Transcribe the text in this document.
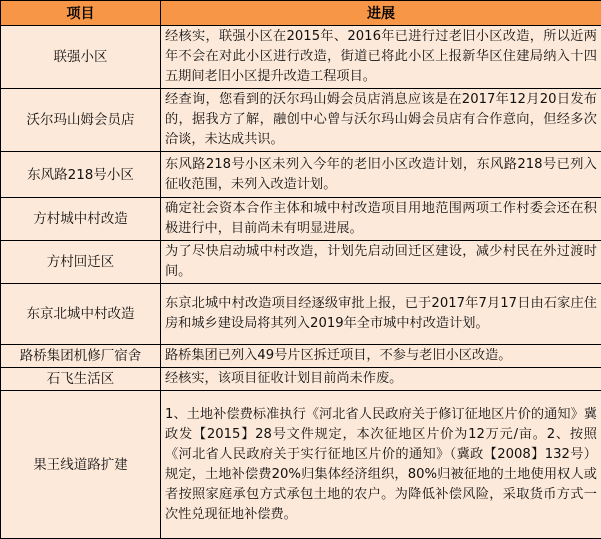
项目	进展
联强小区	经核实，联强小区在2015年、2016年已进行过老旧小区改造，所以近两年不会在对此小区进行改造，街道已将此小区上报新华区住建局纳入十四五期间老旧小区提升改造工程项目。
沃尔玛山姆会员店	经查询，您看到的沃尔玛山姆会员店消息应该是在2017年12月20日发布的，据我方了解，融创中心曾与沃尔玛山姆会员店有合作意向，但经多次洽谈，未达成共识。
东风路218号小区	东风路218号小区未列入今年的老旧小区改造计划，东风路218号已列入征收范围，未列入改造计划。
方村城中村改造	确定社会资本合作主体和城中村改造项目用地范围两项工作村委会还在积极进行中，目前尚未有明显进展。
方村回迁区	为了尽快启动城中村改造，计划先启动回迁区建设，减少村民在外过渡时间。
东京北城中村改造	东京北城中村改造项目经逐级审批上报，已于2017年7月17日由石家庄住房和城乡建设局将其列入2019年全市城中村改造计划。
路桥集团机修厂宿舍	路桥集团已列入49号片区拆迁项目，不参与老旧小区改造。
石飞生活区	经核实，该项目征收计划目前尚未作废。
果王线道路扩建	1、土地补偿费标准执行《河北省人民政府关于修订征地区片价的通知》冀政发【2015】28号文件规定，本次征地区片价为12万元/亩。2、按照《河北省人民政府关于实行征地区片价的通知》（冀政【2008】132号）规定，土地补偿费20%归集体经济组织，80%归被征地的土地使用权人或者按照家庭承包方式承包土地的农户。为降低补偿风险，采取货币方式一次性兑现征地补偿费。
